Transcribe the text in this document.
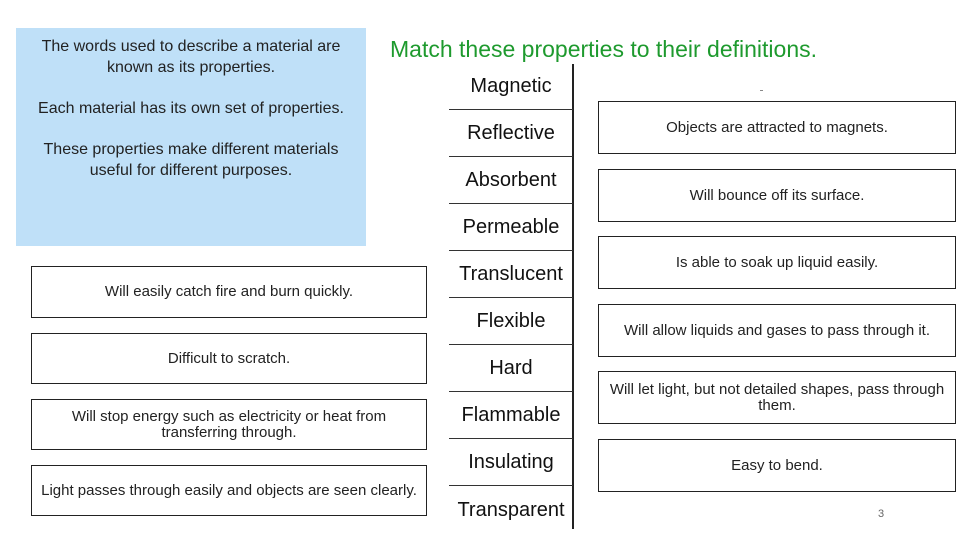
The words used to describe a material are known as its properties.

Each material has its own set of properties.

These properties make different materials useful for different purposes.

Match these properties to their definitions.
Will easily catch fire and burn quickly.
Difficult to scratch.
Will stop energy such as electricity or heat from transferring through.
Light passes through easily and objects are seen clearly.
Magnetic
Reflective
Absorbent
Permeable
Translucent
Flexible
Hard
Flammable
Insulating
Transparent
Objects are attracted to magnets.
Will bounce off its surface.
Is able to soak up liquid easily.
Will allow liquids and gases to pass through it.
Will let light, but not detailed shapes, pass through them.
Easy to bend.
3
